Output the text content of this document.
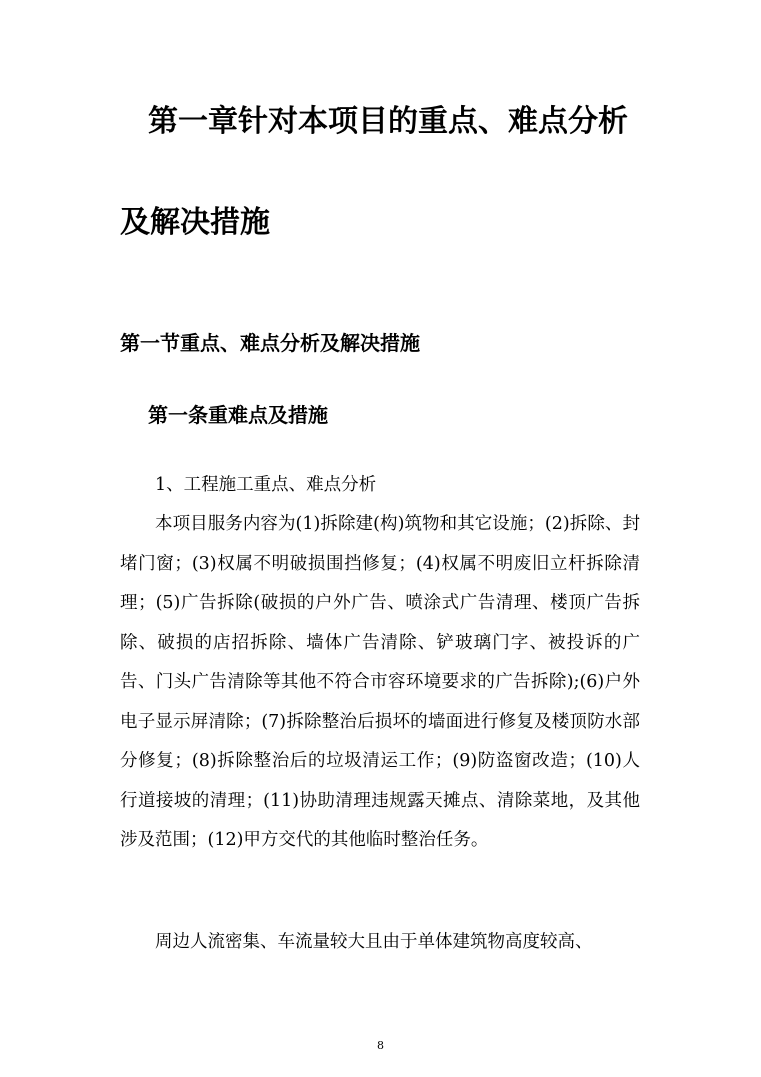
第一章针对本项目的重点、难点分析
及解决措施
第一节重点、难点分析及解决措施
第一条重难点及措施
1、工程施工重点、难点分析
本项目服务内容为(1)拆除建(构)筑物和其它设施；(2)拆除、封堵门窗；(3)权属不明破损围挡修复；(4)权属不明废旧立杆拆除清理；(5)广告拆除(破损的户外广告、喷涂式广告清理、楼顶广告拆除、破损的店招拆除、墙体广告清除、铲玻璃门字、被投诉的广告、门头广告清除等其他不符合市容环境要求的广告拆除);(6)户外电子显示屏清除；(7)拆除整治后损坏的墙面进行修复及楼顶防水部分修复；(8)拆除整治后的垃圾清运工作；(9)防盗窗改造；(10)人行道接坡的清理；(11)协助清理违规露天摊点、清除菜地，及其他涉及范围；(12)甲方交代的其他临时整治任务。
周边人流密集、车流量较大且由于单体建筑物高度较高、
8
